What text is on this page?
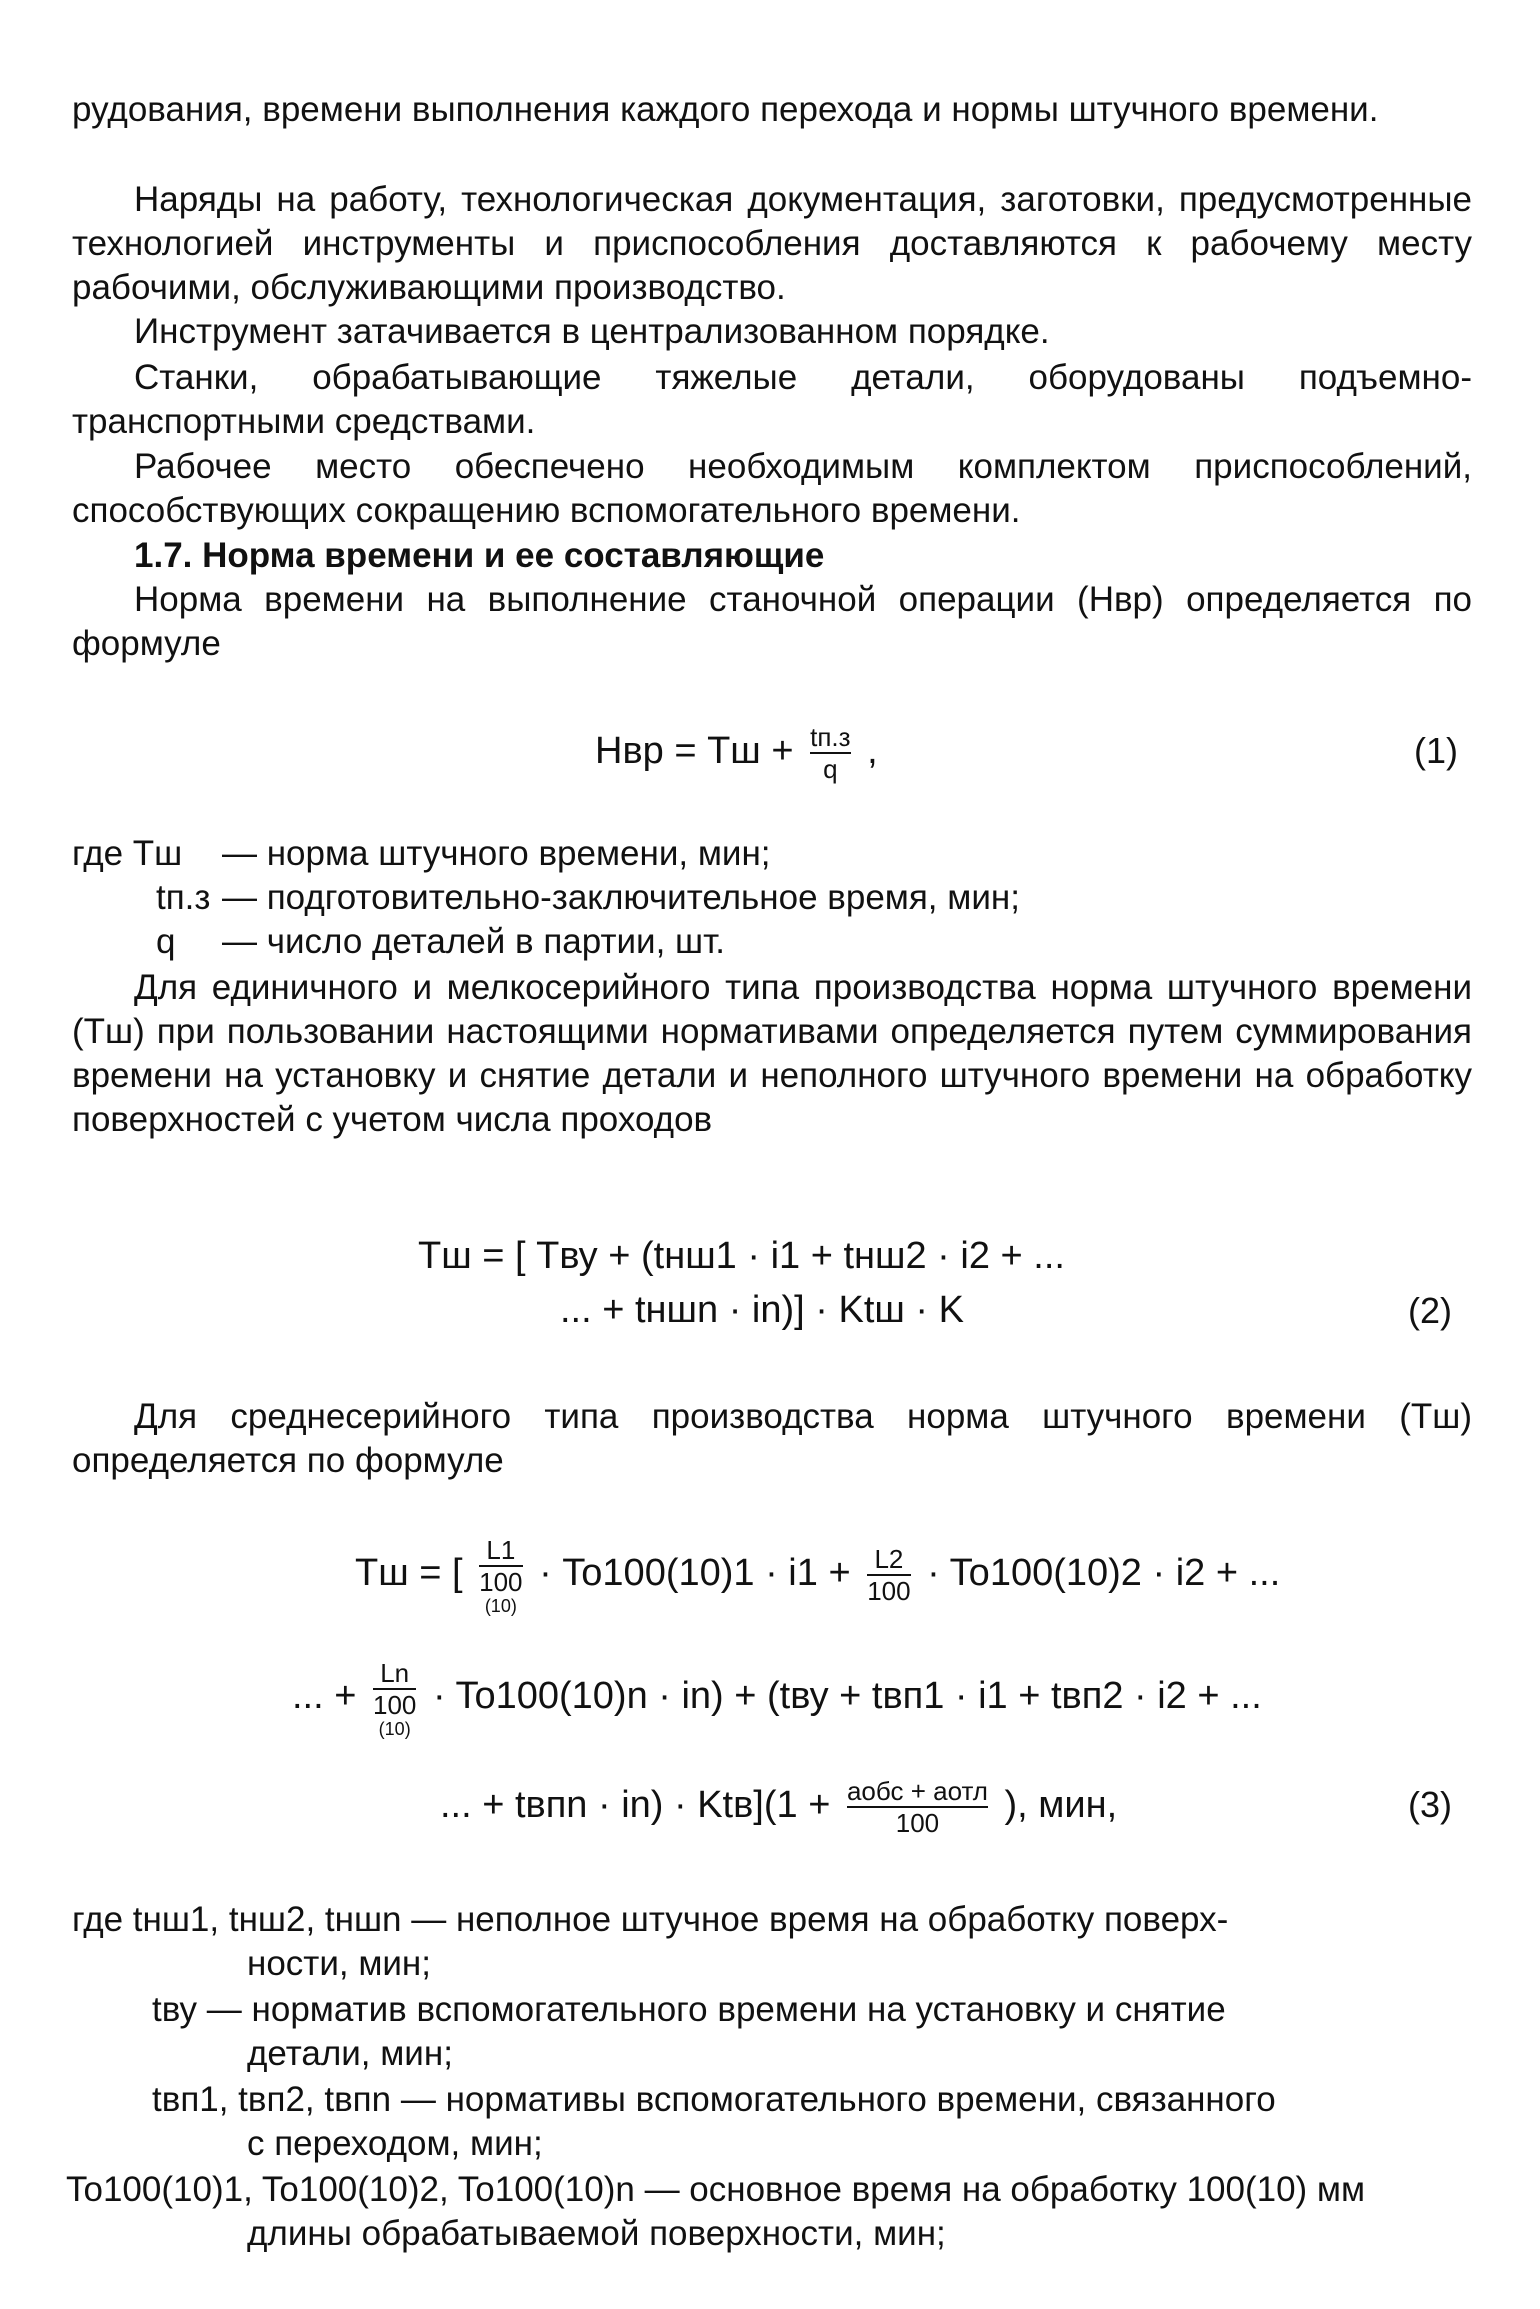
рудования, времени выполнения каждого перехода и нормы штучного времени.

Наряды на работу, технологическая документация, заготовки, предусмотренные технологией инструменты и приспособления доставляются к рабочему месту рабочими, обслуживающими производство.

Инструмент затачивается в централизованном порядке.

Станки, обрабатывающие тяжелые детали, оборудованы подъемно-транспортными средствами.

Рабочее место обеспечено необходимым комплектом приспособлений, способствующих сокращению вспомогательного времени.

1.7. Норма времени и ее составляющие

Норма времени на выполнение станочной операции (Нвр) определяется по формуле

Нвр = Tш + $\frac{tп.з}{q}$ ,	(1)
где Tш	— норма штучного времени, мин;
tп.з — подготовительно-заключительное время, мин;
q	— число деталей в партии, шт.

Для единичного и мелкосерийного типа производства норма штучного времени (Tш) при пользовании настоящими нормативами определяется путем суммирования времени на установку и снятие детали и неполного штучного времени на обработку поверхностей с учетом числа проходов

Tш = [ Tву + (tнш1 · i1 + tнш2 · i2 + ...
... + tншn · in)] · Ktш · K	(2)

Для среднесерийного типа производства норма штучного времени (Tш) определяется по формуле

Tш = [
L1
100
(10)
· $To100(10)1 \cdot i1 + \frac{L2}{100} \cdot To100(10)2 \cdot i2$ + ...
... +
Ln
100
(10)
· To100(10)n · in) + (tву + tвп1 · i1 + tвп2 · i2 + ...
... + tвпn · $in) \cdot Ktв](1 + \frac{\text{aобс + aотл}}{100}$ ), мин,	(3)
где tнш1, tнш2, tншn — неполное штучное время на обработку поверх-
ности, мин;
tву — норматив вспомогательного времени на установку и снятие
детали, мин;
tвп1, tвп2, tвпn — нормативы вспомогательного времени, связанного
с переходом, мин;
To100(10)1, To100(10)2, To100(10)n — основное время на обработку 100(10) мм
длины обрабатываемой поверхности, мин;
